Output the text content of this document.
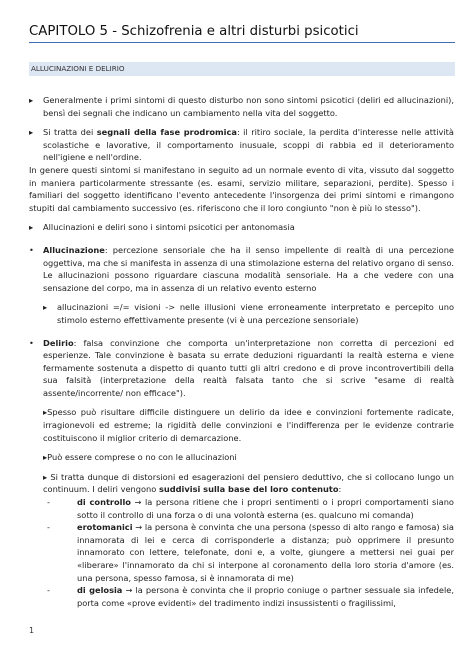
CAPITOLO 5 - Schizofrenia e altri disturbi psicotici
ALLUCINAZIONI E DELIRIO
▸	Generalmente i primi sintomi di questo disturbo non sono sintomi psicotici (deliri ed allucinazioni), bensì dei segnali che indicano un cambiamento nella vita del soggetto.
▸	Si tratta dei segnali della fase prodromica: il ritiro sociale, la perdita d'interesse nelle attività scolastiche e lavorative, il comportamento inusuale, scoppi di rabbia ed il deterioramento nell'igiene e nell'ordine.

In genere questi sintomi si manifestano in seguito ad un normale evento di vita, vissuto dal soggetto in maniera particolarmente stressante (es. esami, servizio militare, separazioni, perdite). Spesso i familiari del soggetto identificano l'evento antecedente l'insorgenza dei primi sintomi e rimangono stupiti dal cambiamento successivo (es. riferiscono che il loro congiunto "non è più lo stesso").

▸	Allucinazioni e deliri sono i sintomi psicotici per antonomasia
•	Allucinazione: percezione sensoriale che ha il senso impellente di realtà di una percezione oggettiva, ma che si manifesta in assenza di una stimolazione esterna del relativo organo di senso. Le allucinazioni possono riguardare ciascuna modalità sensoriale. Ha a che vedere con una sensazione del corpo, ma in assenza di un relativo evento esterno
▸	allucinazioni =/= visioni -> nelle illusioni viene erroneamente interpretato e percepito uno stimolo esterno effettivamente presente (vi è una percezione sensoriale)
•	Delirio: falsa convinzione che comporta un'interpretazione non corretta di percezioni ed esperienze. Tale convinzione è basata su errate deduzioni riguardanti la realtà esterna e viene fermamente sostenuta a dispetto di quanto tutti gli altri credono e di prove incontrovertibili della sua falsità (interpretazione della realtà falsata tanto che si scrive "esame di realtà assente/incorrente/ non efficace").

▸Spesso può risultare difficile distinguere un delirio da idee e convinzioni fortemente radicate, irragionevoli ed estreme; la rigidità delle convinzioni e l'indifferenza per le evidenze contrarie costituiscono il miglior criterio di demarcazione.

▸Può essere comprese o no con le allucinazioni

▸ Si tratta dunque di distorsioni ed esagerazioni del pensiero deduttivo, che si collocano lungo un continuum. I deliri vengono suddivisi sulla base del loro contenuto:

-	di controllo → la persona ritiene che i propri sentimenti o i propri comportamenti siano sotto il controllo di una forza o di una volontà esterna (es. qualcuno mi comanda)
-	erotomanici → la persona è convinta che una persona (spesso di alto rango e famosa) sia innamorata di lei e cerca di corrisponderle a distanza; può opprimere il presunto innamorato con lettere, telefonate, doni e, a volte, giungere a mettersi nei guai per «liberare» l'innamorato da chi si interpone al coronamento della loro storia d'amore (es. una persona, spesso famosa, si è innamorata di me)
-	di gelosia → la persona è convinta che il proprio coniuge o partner sessuale sia infedele, porta come «prove evidenti» del tradimento indizi insussistenti o fragilissimi,
1
